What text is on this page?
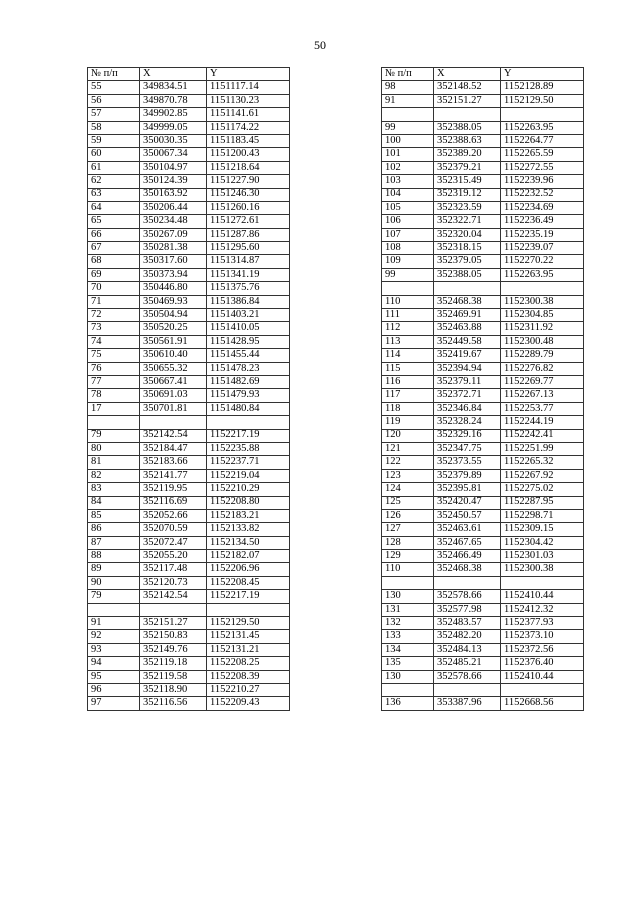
50
№ п/п	X	Y
55	349834.51	1151117.14
56	349870.78	1151130.23
57	349902.85	1151141.61
58	349999.05	1151174.22
59	350030.35	1151183.45
60	350067.34	1151200.43
61	350104.97	1151218.64
62	350124.39	1151227.90
63	350163.92	1151246.30
64	350206.44	1151260.16
65	350234.48	1151272.61
66	350267.09	1151287.86
67	350281.38	1151295.60
68	350317.60	1151314.87
69	350373.94	1151341.19
70	350446.80	1151375.76
71	350469.93	1151386.84
72	350504.94	1151403.21
73	350520.25	1151410.05
74	350561.91	1151428.95
75	350610.40	1151455.44
76	350655.32	1151478.23
77	350667.41	1151482.69
78	350691.03	1151479.93
17	350701.81	1151480.84

79	352142.54	1152217.19
80	352184.47	1152235.88
81	352183.66	1152237.71
82	352141.77	1152219.04
83	352119.95	1152210.29
84	352116.69	1152208.80
85	352052.66	1152183.21
86	352070.59	1152133.82
87	352072.47	1152134.50
88	352055.20	1152182.07
89	352117.48	1152206.96
90	352120.73	1152208.45
79	352142.54	1152217.19

91	352151.27	1152129.50
92	352150.83	1152131.45
93	352149.76	1152131.21
94	352119.18	1152208.25
95	352119.58	1152208.39
96	352118.90	1152210.27
97	352116.56	1152209.43
№ п/п	X	Y
98	352148.52	1152128.89
91	352151.27	1152129.50

99	352388.05	1152263.95
100	352388.63	1152264.77
101	352389.20	1152265.59
102	352379.21	1152272.55
103	352315.49	1152239.96
104	352319.12	1152232.52
105	352323.59	1152234.69
106	352322.71	1152236.49
107	352320.04	1152235.19
108	352318.15	1152239.07
109	352379.05	1152270.22
99	352388.05	1152263.95

110	352468.38	1152300.38
111	352469.91	1152304.85
112	352463.88	1152311.92
113	352449.58	1152300.48
114	352419.67	1152289.79
115	352394.94	1152276.82
116	352379.11	1152269.77
117	352372.71	1152267.13
118	352346.84	1152253.77
119	352328.24	1152244.19
120	352329.16	1152242.41
121	352347.75	1152251.99
122	352373.55	1152265.32
123	352379.89	1152267.92
124	352395.81	1152275.02
125	352420.47	1152287.95
126	352450.57	1152298.71
127	352463.61	1152309.15
128	352467.65	1152304.42
129	352466.49	1152301.03
110	352468.38	1152300.38

130	352578.66	1152410.44
131	352577.98	1152412.32
132	352483.57	1152377.93
133	352482.20	1152373.10
134	352484.13	1152372.56
135	352485.21	1152376.40
130	352578.66	1152410.44

136	353387.96	1152668.56
